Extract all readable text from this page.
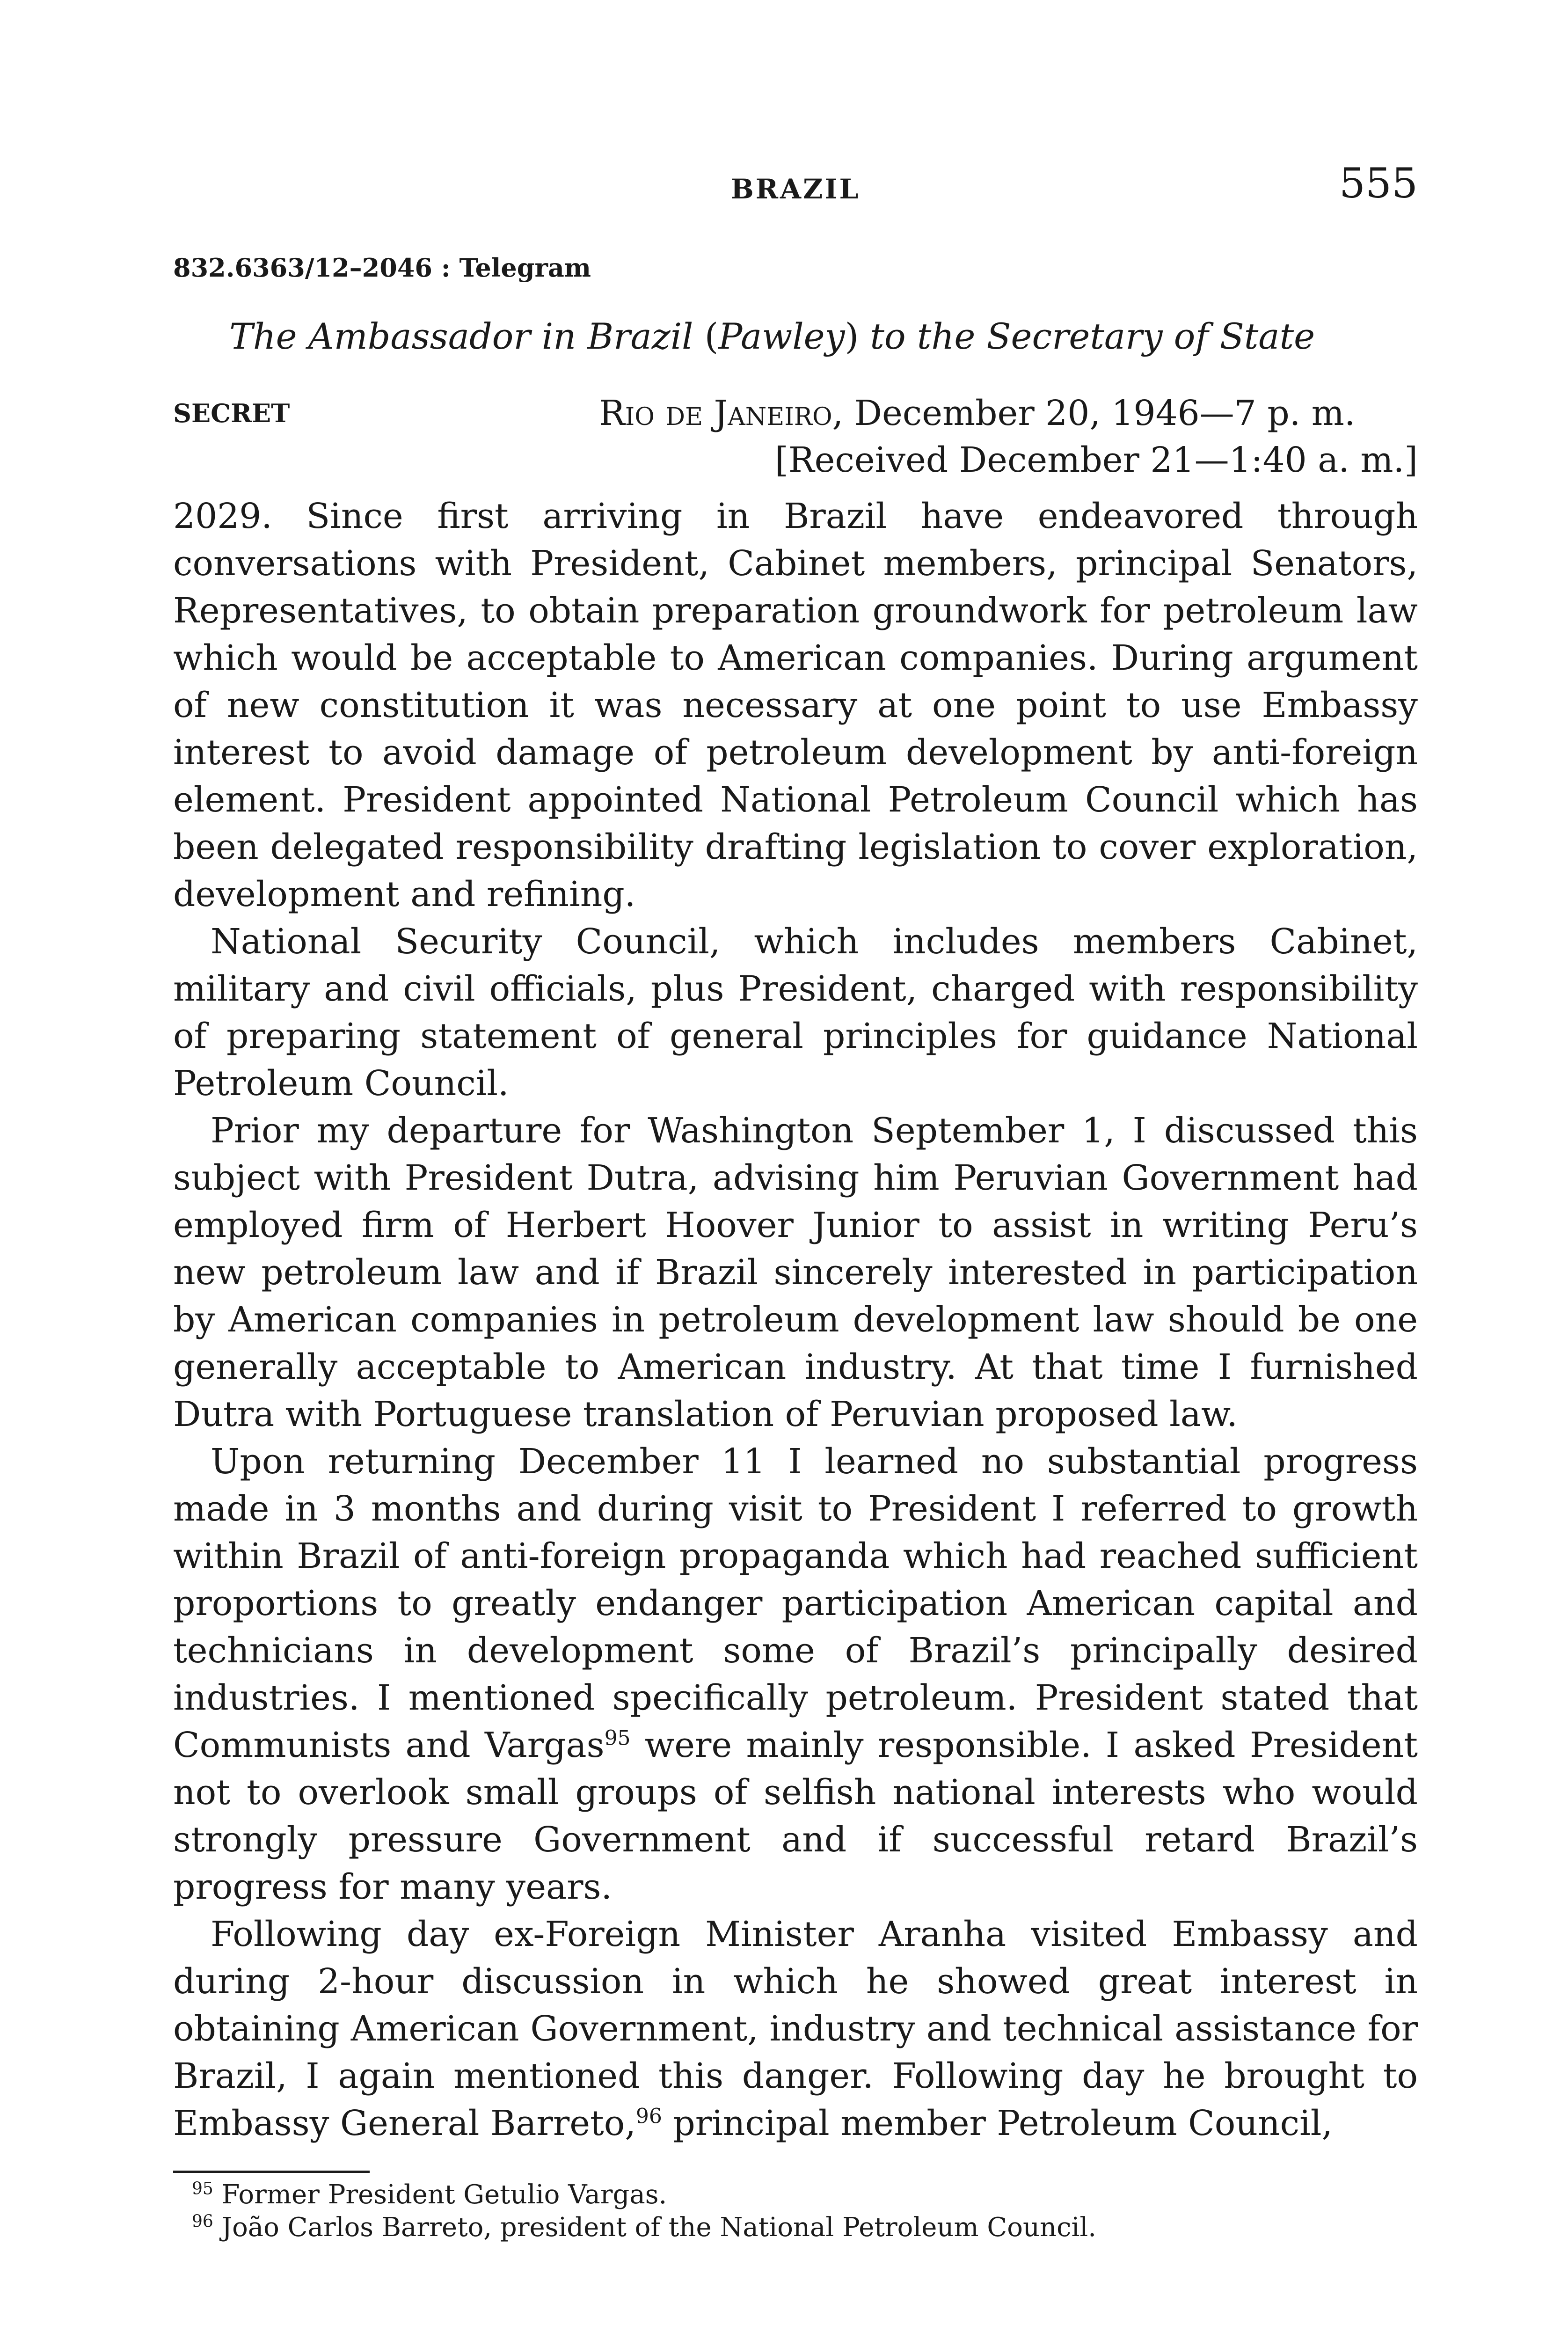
BRAZIL	555
832.6363/12–2046 : Telegram
The Ambassador in Brazil (Pawley) to the Secretary of State
SECRET	Rio de Janeiro, December 20, 1946—7 p. m.
[Received December 21—1:40 a. m.]

2029. Since first arriving in Brazil have endeavored through conversations with President, Cabinet members, principal Senators, Representatives, to obtain preparation groundwork for petroleum law which would be acceptable to American companies. During argument of new constitution it was necessary at one point to use Embassy interest to avoid damage of petroleum development by anti-foreign element. President appointed National Petroleum Council which has been delegated responsibility drafting legislation to cover exploration, development and refining.

National Security Council, which includes members Cabinet, military and civil officials, plus President, charged with responsibility of preparing statement of general principles for guidance National Petroleum Council.

Prior my departure for Washington September 1, I discussed this subject with President Dutra, advising him Peruvian Government had employed firm of Herbert Hoover Junior to assist in writing Peru’s new petroleum law and if Brazil sincerely interested in participation by American companies in petroleum development law should be one generally acceptable to American industry. At that time I furnished Dutra with Portuguese translation of Peruvian proposed law.

Upon returning December 11 I learned no substantial progress made in 3 months and during visit to President I referred to growth within Brazil of anti-foreign propaganda which had reached sufficient proportions to greatly endanger participation American capital and technicians in development some of Brazil’s principally desired industries. I mentioned specifically petroleum. President stated that Communists and Vargas$^{95}$ were mainly responsible. I asked President not to overlook small groups of selfish national interests who would strongly pressure Government and if successful retard Brazil’s progress for many years.

Following day ex-Foreign Minister Aranha visited Embassy and during 2-hour discussion in which he showed great interest in obtaining American Government, industry and technical assistance for Brazil, I again mentioned this danger. Following day he brought to Embassy General Barreto,$^{96}$ principal member Petroleum Council,

$^{95}$ Former President Getulio Vargas.
$^{96}$ João Carlos Barreto, president of the National Petroleum Council.
